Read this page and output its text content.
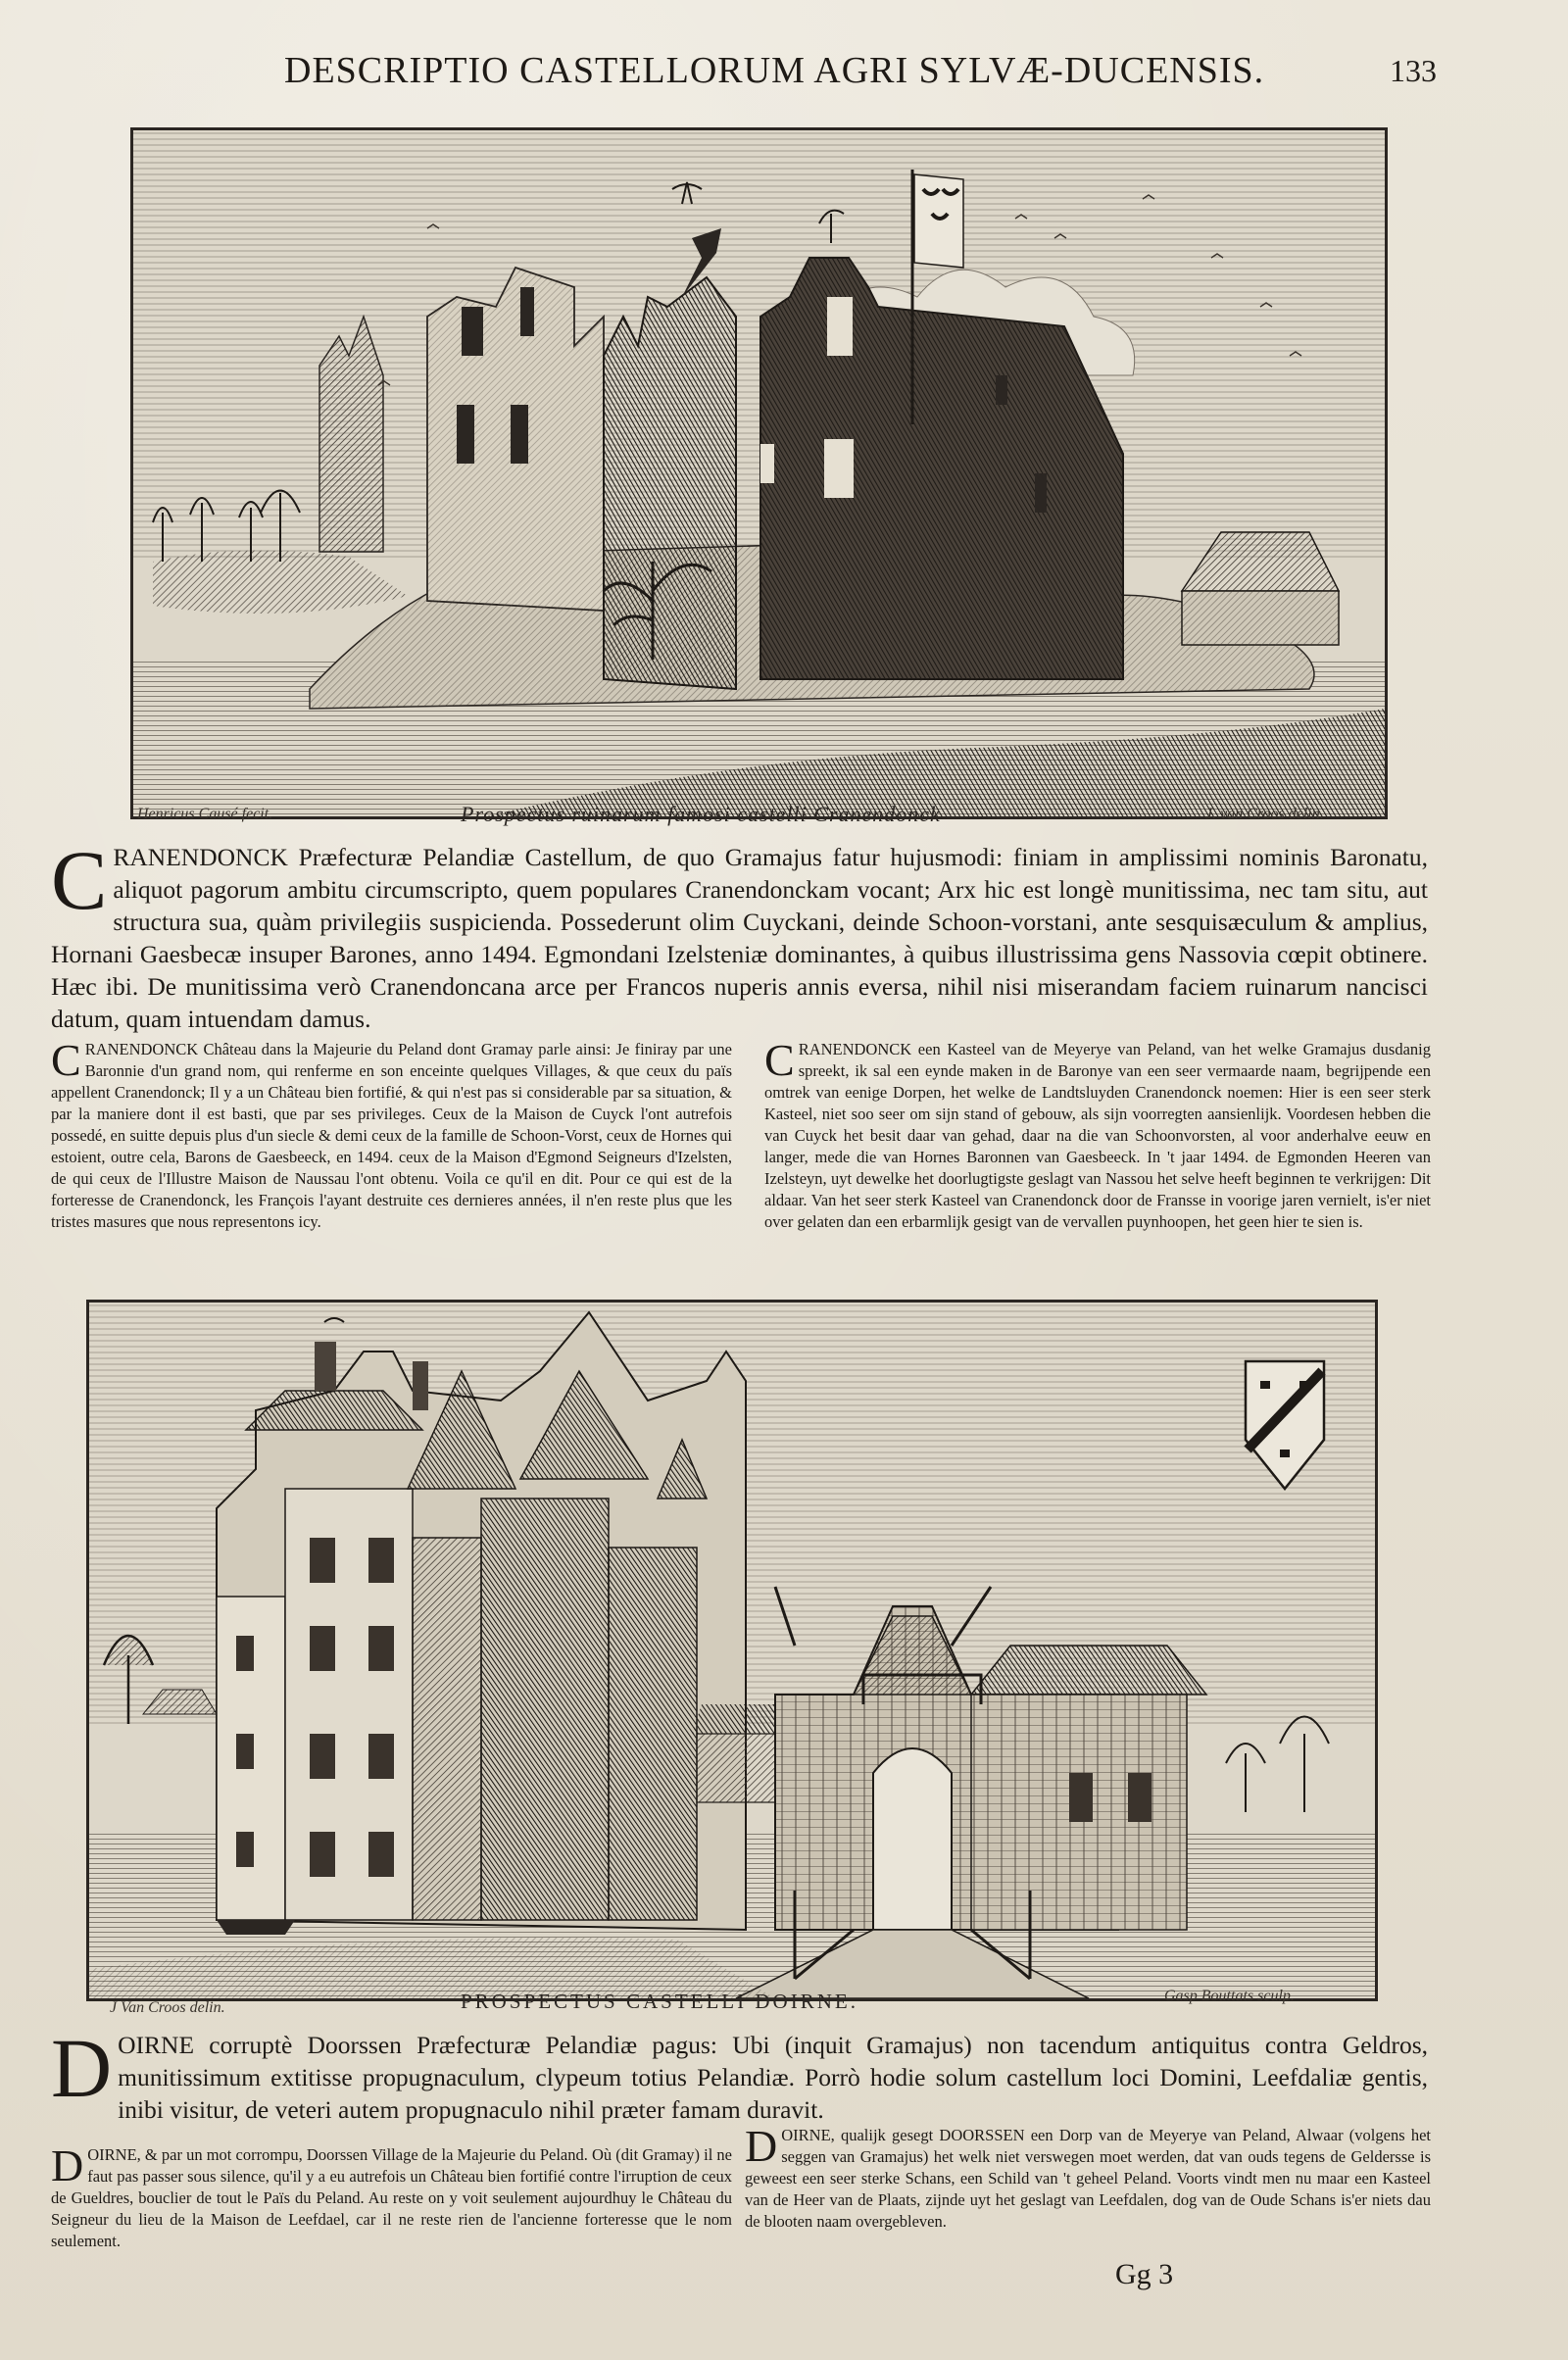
DESCRIPTIO CASTELLORUM AGRI SYLVÆ-DUCENSIS.	133
Henricus Causé fecit.	Prospectus ruinarum famosi castelli Cranendonck	J. van Croos delin.
CRANENDONCK Præfecturæ Pelandiæ Castellum, de quo Gramajus fatur hujusmodi: finiam in amplissimi nominis Baronatu, aliquot pagorum ambitu circumscripto, quem populares Cranendonckam vocant; Arx hic est longè munitissima, nec tam situ, aut structura sua, quàm privilegiis suspicienda. Possederunt olim Cuyckani, deinde Schoon-vorstani, ante sesquisæculum & amplius, Hornani Gaesbecæ insuper Barones, anno 1494. Egmondani Izelsteniæ dominantes, à quibus illustrissima gens Nassovia cœpit obtinere. Hæc ibi. De munitissima verò Cranendoncana arce per Francos nuperis annis eversa, nihil nisi miserandam faciem ruinarum nancisci datum, quam intuendam damus.
CRANENDONCK Château dans la Majeurie du Peland dont Gramay parle ainsi: Je finiray par une Baronnie d'un grand nom, qui renferme en son enceinte quelques Villages, & que ceux du païs appellent Cranendonck; Il y a un Château bien fortifié, & qui n'est pas si considerable par sa situation, & par la maniere dont il est basti, que par ses privileges. Ceux de la Maison de Cuyck l'ont autrefois possedé, en suitte depuis plus d'un siecle & demi ceux de la famille de Schoon-Vorst, ceux de Hornes qui estoient, outre cela, Barons de Gaesbeeck, en 1494. ceux de la Maison d'Egmond Seigneurs d'Izelsten, de qui ceux de l'Illustre Maison de Naussau l'ont obtenu. Voila ce qu'il en dit. Pour ce qui est de la forteresse de Cranendonck, les François l'ayant destruite ces dernieres années, il n'en reste plus que les tristes masures que nous representons icy.
CRANENDONCK een Kasteel van de Meyerye van Peland, van het welke Gramajus dusdanig spreekt, ik sal een eynde maken in de Baronye van een seer vermaarde naam, begrijpende een omtrek van eenige Dorpen, het welke de Landtsluyden Cranendonck noemen: Hier is een seer sterk Kasteel, niet soo seer om sijn stand of gebouw, als sijn voorregten aansienlijk. Voordesen hebben die van Cuyck het besit daar van gehad, daar na die van Schoonvorsten, al voor anderhalve eeuw en langer, mede die van Hornes Baronnen van Gaesbeeck. In 't jaar 1494. de Egmonden Heeren van Izelsteyn, uyt dewelke het doorlugtigste geslagt van Nassou het selve heeft beginnen te verkrijgen: Dit aldaar. Van het seer sterk Kasteel van Cranendonck door de Fransse in voorige jaren vernielt, is'er niet over gelaten dan een erbarmlijk gesigt van de vervallen puynhoopen, het geen hier te sien is.
J Van Croos delin.	PROSPECTUS CASTELLI DOIRNE.	Gasp Bouttats sculp.
DOIRNE corruptè Doorssen Præfecturæ Pelandiæ pagus: Ubi (inquit Gramajus) non tacendum antiquitus contra Geldros, munitissimum extitisse propugnaculum, clypeum totius Pelandiæ. Porrò hodie solum castellum loci Domini, Leefdaliæ gentis, inibi visitur, de veteri autem propugnaculo nihil præter famam duravit.
DOIRNE, & par un mot corrompu, Doorssen Village de la Majeurie du Peland. Où (dit Gramay) il ne faut pas passer sous silence, qu'il y a eu autrefois un Château bien fortifié contre l'irruption de ceux de Gueldres, bouclier de tout le Païs du Peland. Au reste on y voit seulement aujourdhuy le Château du Seigneur du lieu de la Maison de Leefdael, car il ne reste rien de l'ancienne forteresse que le nom seulement.
DOIRNE, qualijk gesegt DOORSSEN een Dorp van de Meyerye van Peland, Alwaar (volgens het seggen van Gramajus) het welk niet verswegen moet werden, dat van ouds tegens de Geldersse is geweest een seer sterke Schans, een Schild van 't geheel Peland. Voorts vindt men nu maar een Kasteel van de Heer van de Plaats, zijnde uyt het geslagt van Leefdalen, dog van de Oude Schans is'er niets dau de blooten naam overgebleven.
Gg 3
